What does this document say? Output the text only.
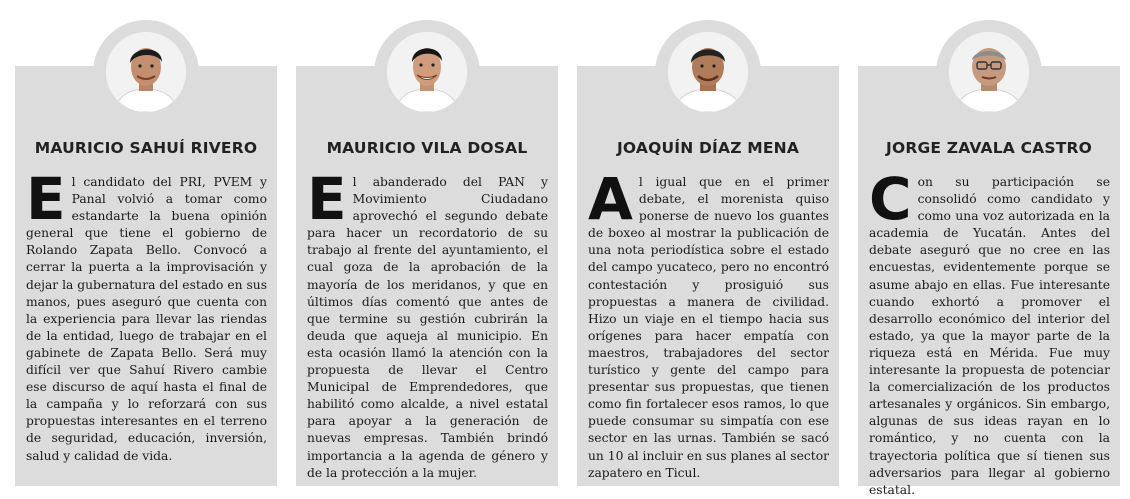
MAURICIO SAHUÍ RIVERO
El candidato del PRI, PVEM y Panal volvió a tomar como estandarte la buena opinión general que tiene el gobierno de Rolando Zapata Bello. Convocó a cerrar la puerta a la improvisación y dejar la gubernatura del estado en sus manos, pues aseguró que cuenta con la experiencia para llevar las riendas de la entidad, luego de trabajar en el gabinete de Zapata Bello. Será muy difícil ver que Sahuí Rivero cambie ese discurso de aquí hasta el final de la campaña y lo reforzará con sus propuestas interesantes en el terreno de seguridad, educación, inversión, salud y calidad de vida.
MAURICIO VILA DOSAL
El abanderado del PAN y Movimiento Ciudadano aprovechó el segundo debate para hacer un recordatorio de su trabajo al frente del ayuntamiento, el cual goza de la aprobación de la mayoría de los meridanos, y que en últimos días comentó que antes de que termine su gestión cubrirán la deuda que aqueja al municipio. En esta ocasión llamó la atención con la propuesta de llevar el Centro Municipal de Emprendedores, que habilitó como alcalde, a nivel estatal para apoyar a la generación de nuevas empresas. También brindó importancia a la agenda de género y de la protección a la mujer.
JOAQUÍN DÍAZ MENA
Al igual que en el primer debate, el morenista quiso ponerse de nuevo los guantes de boxeo al mostrar la publicación de una nota periodística sobre el estado del campo yucateco, pero no encontró contestación y prosiguió sus propuestas a manera de civilidad. Hizo un viaje en el tiempo hacia sus orígenes para hacer empatía con maestros, trabajadores del sector turístico y gente del campo para presentar sus propuestas, que tienen como fin fortalecer esos ramos, lo que puede consumar su simpatía con ese sector en las urnas. También se sacó un 10 al incluir en sus planes al sector zapatero en Ticul.
JORGE ZAVALA CASTRO
Con su participación se consolidó como candidato y como una voz autorizada en la academia de Yucatán. Antes del debate aseguró que no cree en las encuestas, evidentemente porque se asume abajo en ellas. Fue interesante cuando exhortó a promover el desarrollo económico del interior del estado, ya que la mayor parte de la riqueza está en Mérida. Fue muy interesante la propuesta de potenciar la comercialización de los productos artesanales y orgánicos. Sin embargo, algunas de sus ideas rayan en lo romántico, y no cuenta con la trayectoria política que sí tienen sus adversarios para llegar al gobierno estatal.
